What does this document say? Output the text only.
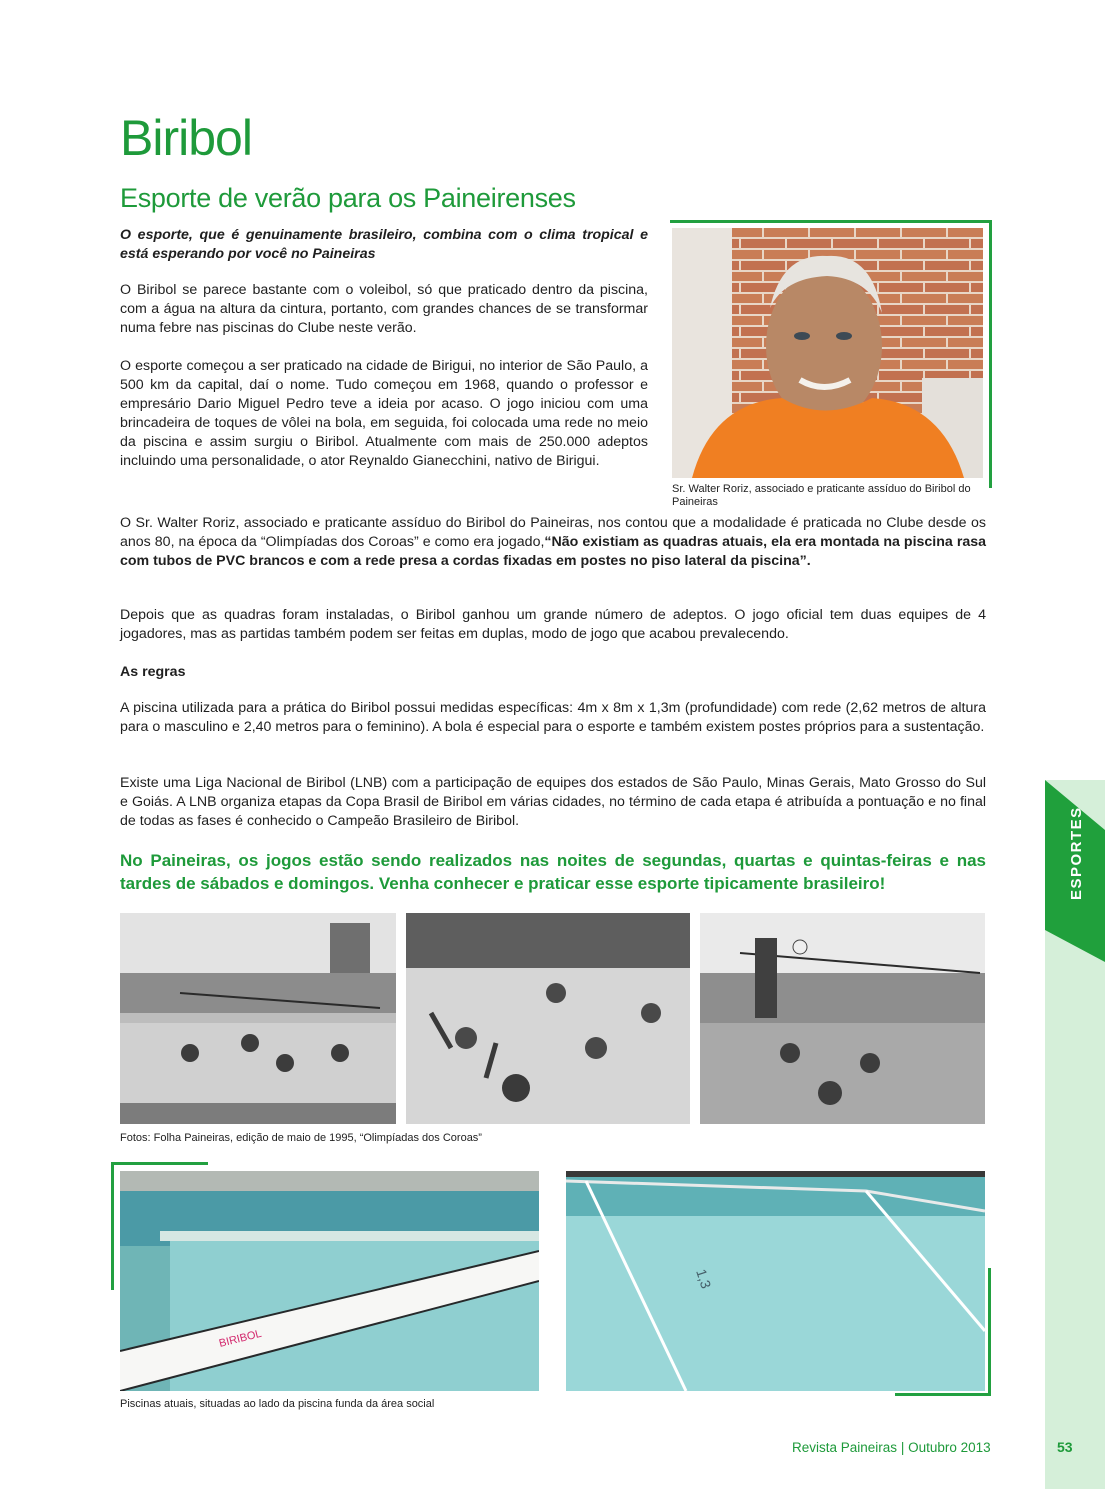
Biribol
Esporte de verão para os Paineirenses
O esporte, que é genuinamente brasileiro, combina com o clima tropical e está esperando por você no Paineiras
O Biribol se parece bastante com o voleibol, só que praticado dentro da piscina, com a água na altura da cintura, portanto, com grandes chances de se transformar numa febre nas piscinas do Clube neste verão.
O esporte começou a ser praticado na cidade de Birigui, no interior de São Paulo, a 500 km da capital, daí o nome. Tudo começou em 1968, quando o professor e empresário Dario Miguel Pedro teve a ideia por acaso. O jogo iniciou com uma brincadeira de toques de vôlei na bola, em seguida, foi colocada uma rede no meio da piscina e assim surgiu o Biribol. Atualmente com mais de 250.000 adeptos incluindo uma personalidade, o ator Reynaldo Gianecchini, nativo de Birigui.
Sr. Walter Roriz, associado e praticante assíduo do Biribol do Paineiras
O Sr. Walter Roriz, associado e praticante assíduo do Biribol do Paineiras, nos contou que a modalidade é praticada no Clube desde os anos 80, na época da “Olimpíadas dos Coroas” e como era jogado,“Não existiam as quadras atuais, ela era montada na piscina rasa com tubos de PVC brancos e com a rede presa a cordas fixadas em postes no piso lateral da piscina”.
Depois que as quadras foram instaladas, o Biribol ganhou um grande número de adeptos. O jogo oficial tem duas equipes de 4 jogadores, mas as partidas também podem ser feitas em duplas, modo de jogo que acabou prevalecendo.
As regras
A piscina utilizada para a prática do Biribol possui medidas específicas: 4m x 8m x 1,3m (profundidade) com rede (2,62 metros de altura para o masculino e 2,40 metros para o feminino). A bola é especial para o esporte e também existem postes próprios para a sustentação.
Existe uma Liga Nacional de Biribol (LNB) com a participação de equipes dos estados de São Paulo, Minas Gerais, Mato Grosso do Sul e Goiás. A LNB organiza etapas da Copa Brasil de Biribol em várias cidades, no término de cada etapa é atribuída a pontuação e no final de todas as fases é conhecido o Campeão Brasileiro de Biribol.
No Paineiras, os jogos estão sendo realizados nas noites de segundas, quartas e quintas-feiras e nas tardes de sábados e domingos. Venha conhecer e praticar esse esporte tipicamente brasileiro!
Fotos: Folha Paineiras, edição de maio de 1995, “Olimpíadas dos Coroas”
BIRIBOL
1,3
Piscinas atuais, situadas ao lado da piscina funda da área social
ESPORTES
Revista Paineiras | Outubro 2013	53
